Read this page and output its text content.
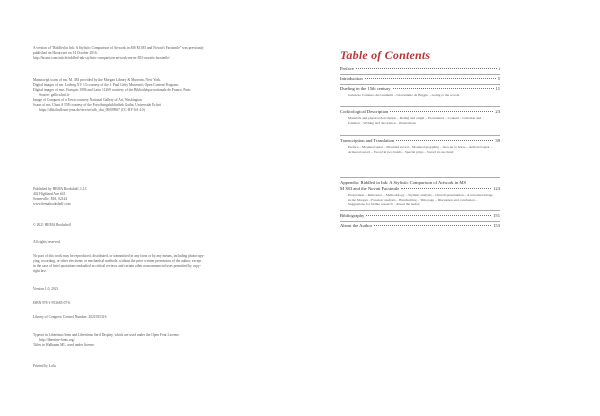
A version of "Riddled in Ink: A Stylistic Comparison of Artwork in MS M 383 and Novati's Facsimile" was previously

published on Hroarr.net on 14 October 2016:

http://hroarr.com/article/riddled-ink-stylistic-comparison-artwork-ms-m-383-novatis-facsimile/

Manuscript scans of ms. M. 383 provided by the Morgan Library & Museum, New York.

Digital images of ms. Ludwig XV 13 courtesy of the J. Paul Getty Museum's Open Content Program.

Digital images of mss. Français 1996 and Latin 11269 courtesy of the Bibliothèque nationale de France, Paris

Source: gallica.bnf.fr

Image of Conquest of a Town courtesy National Gallery of Art, Washington

Scans of ms. Chart A 558 courtesy of the Forschungsbibliothek Gotha, Universität Erfurt

https://dhb.thulb.uni-jena.de/receive/ufb_cbu_00009967 (CC-BY-SA 4.0)

Published by HEMA Bookshelf, LLC

402 Highland Ave #41

Somerville, MA, 02144

www.hemabookshelf.com

© 2021 HEMA Bookshelf

All rights reserved.

No part of this work may be reproduced, distributed, or transmitted in any form or by any means, including photocopy-

ying, recording, or other electronic or mechanical methods, without the prior written permission of the author, except

in the case of brief quotations embodied in critical reviews and certain other noncommercial uses permitted by copy-

right law.

Version 1.0, 2021

ISBN 978-1-953683-07-6

Library of Congress Control Number: 2021935316

Typeset in Libertinus Sans and Libertinus Serif Display, which are used under the Open Font License:

http://libertine-fonts.org/

Titles in Walbaum ML, used under license.

Printed by Lulu.

Table of Contents
Preface	i
Introduction	5
Dueling in the 15th century	11
Galeazzo Cattaneo dei Grumelli – Giovannino da Baggio – Going to the woods
Codicological Description	23
Materials and physical description – Dating and origin – Provenance – Content – Collation and foliation – Writing and decoration – Illustrations
Transcription and Translation	39
Preface – Mounted spear – Mounted sword – Mounted grappling – Jaeo-ler to horse – Armored spear – Armored sword – Sword in two hands – Special plays – Sword in one hand
Appendix: Riddled in Ink: A Stylistic Comparison of Artwork in MS
M 383 and the Novati Facsimile	123
Proposition – Relevance – Methodology – Stylistic analysis – Overall presentation – A reworked image in the Morgan – Forensic analysis – Handwriting – Title page – Discussion and conclusion – Suggestions for further research – About the author
Bibliography	151
About the Author	153
